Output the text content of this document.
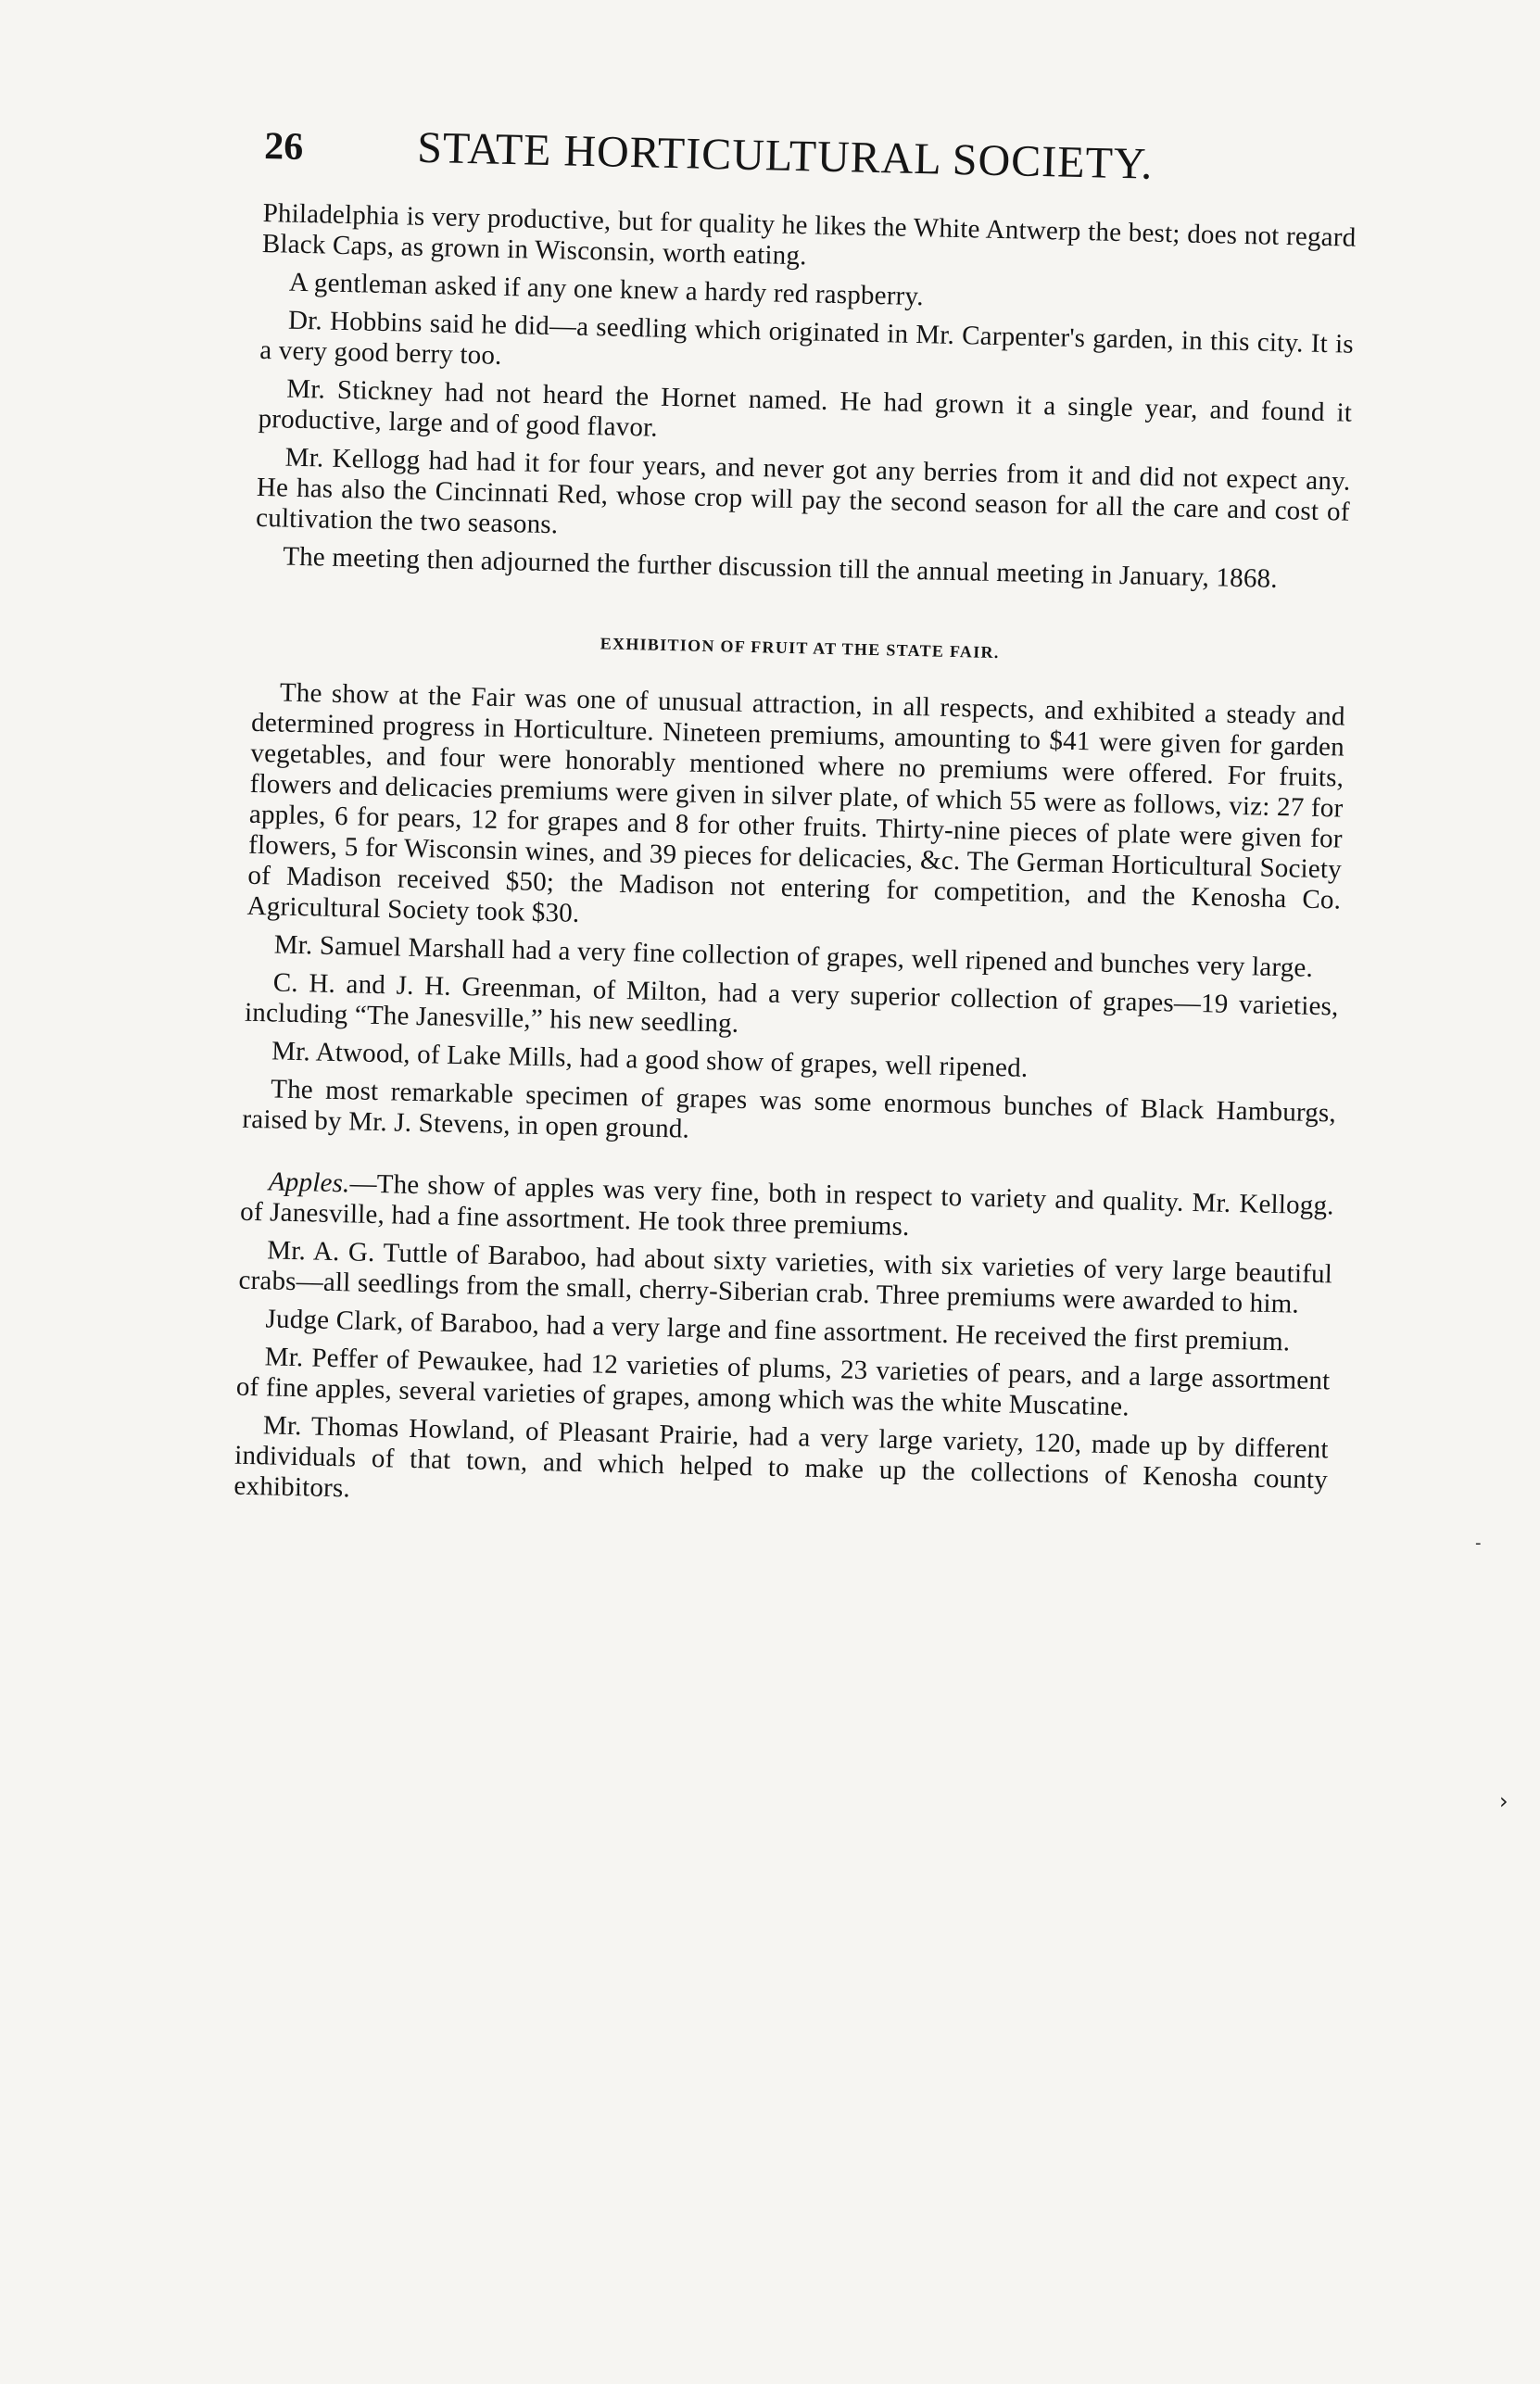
26	STATE HORTICULTURAL SOCIETY.

Philadelphia is very productive, but for quality he likes the White Antwerp the best; does not regard Black Caps, as grown in Wisconsin, worth eating.

A gentleman asked if any one knew a hardy red raspberry.

Dr. Hobbins said he did—a seedling which originated in Mr. Carpenter's garden, in this city. It is a very good berry too.

Mr. Stickney had not heard the Hornet named. He had grown it a single year, and found it productive, large and of good flavor.

Mr. Kellogg had had it for four years, and never got any berries from it and did not expect any. He has also the Cincinnati Red, whose crop will pay the second season for all the care and cost of cultivation the two seasons.

The meeting then adjourned the further discussion till the annual meeting in January, 1868.

EXHIBITION OF FRUIT AT THE STATE FAIR.

The show at the Fair was one of unusual attraction, in all respects, and exhibited a steady and determined progress in Horticulture. Nineteen premiums, amounting to $41 were given for garden vegetables, and four were honorably mentioned where no premiums were offered. For fruits, flowers and delicacies premiums were given in silver plate, of which 55 were as follows, viz: 27 for apples, 6 for pears, 12 for grapes and 8 for other fruits. Thirty-nine pieces of plate were given for flowers, 5 for Wisconsin wines, and 39 pieces for delicacies, &c. The German Horticultural Society of Madison received $50; the Madison not entering for competition, and the Kenosha Co. Agricultural Society took $30.

Mr. Samuel Marshall had a very fine collection of grapes, well ripened and bunches very large.

C. H. and J. H. Greenman, of Milton, had a very superior collection of grapes—19 varieties, including “The Janesville,” his new seedling.

Mr. Atwood, of Lake Mills, had a good show of grapes, well ripened.

The most remarkable specimen of grapes was some enormous bunches of Black Hamburgs, raised by Mr. J. Stevens, in open ground.

Apples.—The show of apples was very fine, both in respect to variety and quality. Mr. Kellogg. of Janesville, had a fine assortment. He took three premiums.

Mr. A. G. Tuttle of Baraboo, had about sixty varieties, with six varieties of very large beautiful crabs—all seedlings from the small, cherry-Siberian crab. Three premiums were awarded to him.

Judge Clark, of Baraboo, had a very large and fine assortment. He received the first premium.

Mr. Peffer of Pewaukee, had 12 varieties of plums, 23 varieties of pears, and a large assortment of fine apples, several varieties of grapes, among which was the white Muscatine.

Mr. Thomas Howland, of Pleasant Prairie, had a very large variety, 120, made up by different individuals of that town, and which helped to make up the collections of Kenosha county exhibitors.

-
›
